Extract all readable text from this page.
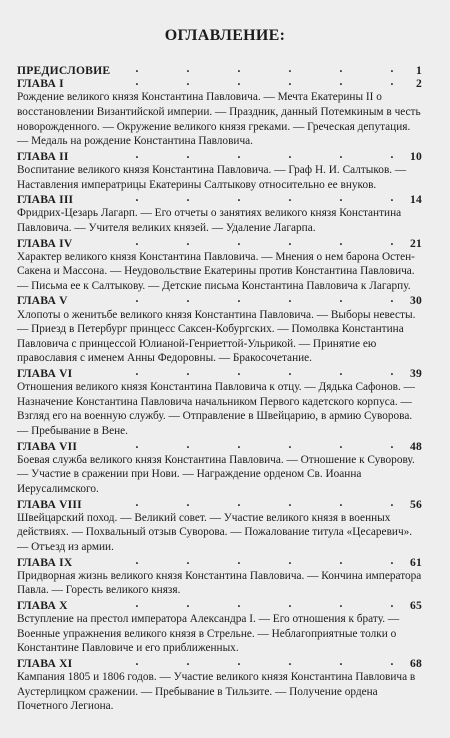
ОГЛАВЛЕНИЕ:
ПРЕДИСЛОВИЕ .	.	.	.	.	. 1
ГЛАВА I	.	.	.	.	.	. 2
Рождение великого князя Константина Павловича. — Мечта Екатерины II о восстановлении Византийской империи. — Праздник, данный Потемкиным в честь новорожденного. — Окружение великого князя греками. — Греческая депутация. — Медаль на рождение Константина Павловича.
ГЛАВА II	.	.	.	.	.	. 10
Воспитание великого князя Константина Павловича. — Граф Н. И. Салтыков. — Наставления императрицы Екатерины Салтыкову относительно ее внуков.
ГЛАВА III	.	.	.	.	.	. 14
Фридрих-Цезарь Лагарп. — Его отчеты о занятиях великого князя Константина Павловича. — Учителя великих князей. — Удаление Лагарпа.
ГЛАВА IV	.	.	.	.	.	. 21
Характер великого князя Константина Павловича. — Мнения о нем барона Остен-Сакена и Массона. — Неудовольствие Екатерины против Константина Павловича. — Письма ее к Салтыкову. — Детские письма Константина Павловича к Лагарпу.
ГЛАВА V	.	.	.	.	.	. 30
Хлопоты о женитьбе великого князя Константина Павловича. — Выборы невесты. — Приезд в Петербург принцесс Саксен-Кобургских. — Помолвка Константина Павловича с принцессой Юлианой-Генриеттой-Ульрикой. — Принятие ею православия с именем Анны Федоровны. — Бракосочетание.
ГЛАВА VI	.	.	.	.	.	. 39
Отношения великого князя Константина Павловича к отцу. — Дядька Сафонов. — Назначение Константина Павловича начальником Первого кадетского корпуса. — Взгляд его на военную службу. — Отправление в Швейцарию, в армию Суворова. — Пребывание в Вене.
ГЛАВА VII	.	.	.	.	.	. 48
Боевая служба великого князя Константина Павловича. — Отношение к Суворову. — Участие в сражении при Нови. — Награждение орденом Св. Иоанна Иерусалимского.
ГЛАВА VIII	.	.	.	.	.	. 56
Швейцарский поход. — Великий совет. — Участие великого князя в военных действиях. — Похвальный отзыв Суворова. — Пожалование титула «Цесаревич». — Отъезд из армии.
ГЛАВА IX	.	.	.	.	.	. 61
Придворная жизнь великого князя Константина Павловича. — Кончина императора Павла. — Горесть великого князя.
ГЛАВА X	.	.	.	.	.	. 65
Вступление на престол императора Александра I. — Его отношения к брату. — Военные упражнения великого князя в Стрельне. — Неблагоприятные толки о Константине Павловиче и его приближенных.
ГЛАВА XI	.	.	.	.	.	. 68
Кампания 1805 и 1806 годов. — Участие великого князя Константина Павловича в Аустерлицком сражении. — Пребывание в Тильзите. — Получение ордена Почетного Легиона.
